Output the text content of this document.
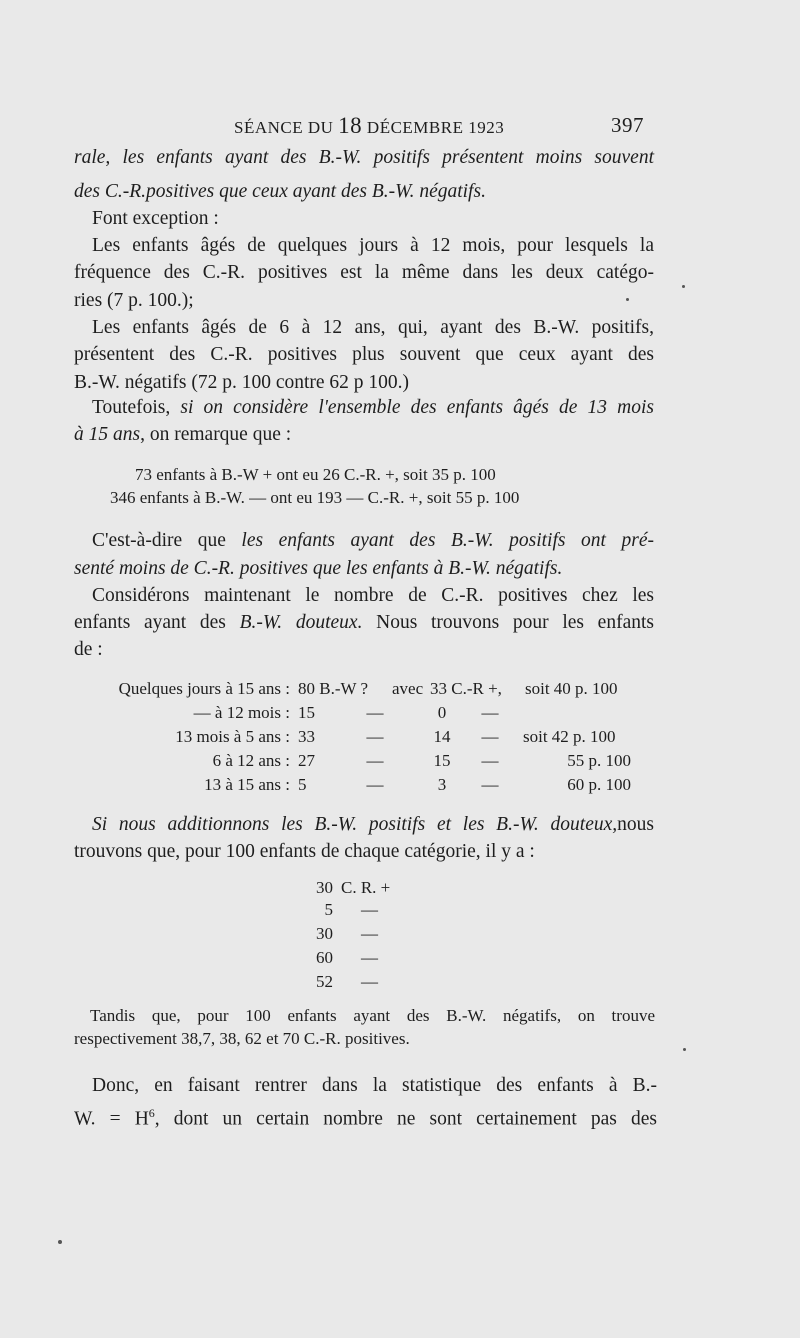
SÉANCE DU 18 DÉCEMBRE 1923	397
rale, les enfants ayant des B.-W. positifs présentent moins souvent
des C.-R.positives que ceux ayant des B.-W. négatifs.
Font exception :
Les enfants âgés de quelques jours à 12 mois, pour lesquels la
fréquence des C.-R. positives est la même dans les deux catégo-
ries (7 p. 100.);
Les enfants âgés de 6 à 12 ans, qui, ayant des B.-W. positifs,
présentent des C.-R. positives plus souvent que ceux ayant des
B.-W. négatifs (72 p. 100 contre 62 p 100.)
Toutefois, si on considère l'ensemble des enfants âgés de 13 mois
à 15 ans, on remarque que :
73 enfants à B.-W + ont eu 26 C.-R. +, soit 35 p. 100
346 enfants à B.-W. — ont eu 193 — C.-R. +, soit 55 p. 100
C'est-à-dire que les enfants ayant des B.-W. positifs ont pré-
senté moins de C.-R. positives que les enfants à B.-W. négatifs.
Considérons maintenant le nombre de C.-R. positives chez les
enfants ayant des B.-W. douteux. Nous trouvons pour les enfants
de :
Quelques jours à 15 ans : 80 B.-W ? avec 33 C.-R +, soit 40 p. 100
— à 12 mois : 15	—	0	—
13 mois à 5 ans : 33	—	14	—	soit 42 p. 100
6 à 12 ans : 27	—	15	—	55 p. 100
13 à 15 ans : 5	—	3	—	60 p. 100
Si nous additionnons les B.-W. positifs et les B.-W. douteux,nous
trouvons que, pour 100 enfants de chaque catégorie, il y a :
30 C. R. +
5 —
30 —
60 —
52 —
Tandis que, pour 100 enfants ayant des B.-W. négatifs, on trouve
respectivement 38,7, 38, 62 et 70 C.-R. positives.
Donc, en faisant rentrer dans la statistique des enfants à B.-
W. = $H^6$, dont un certain nombre ne sont certainement pas des
